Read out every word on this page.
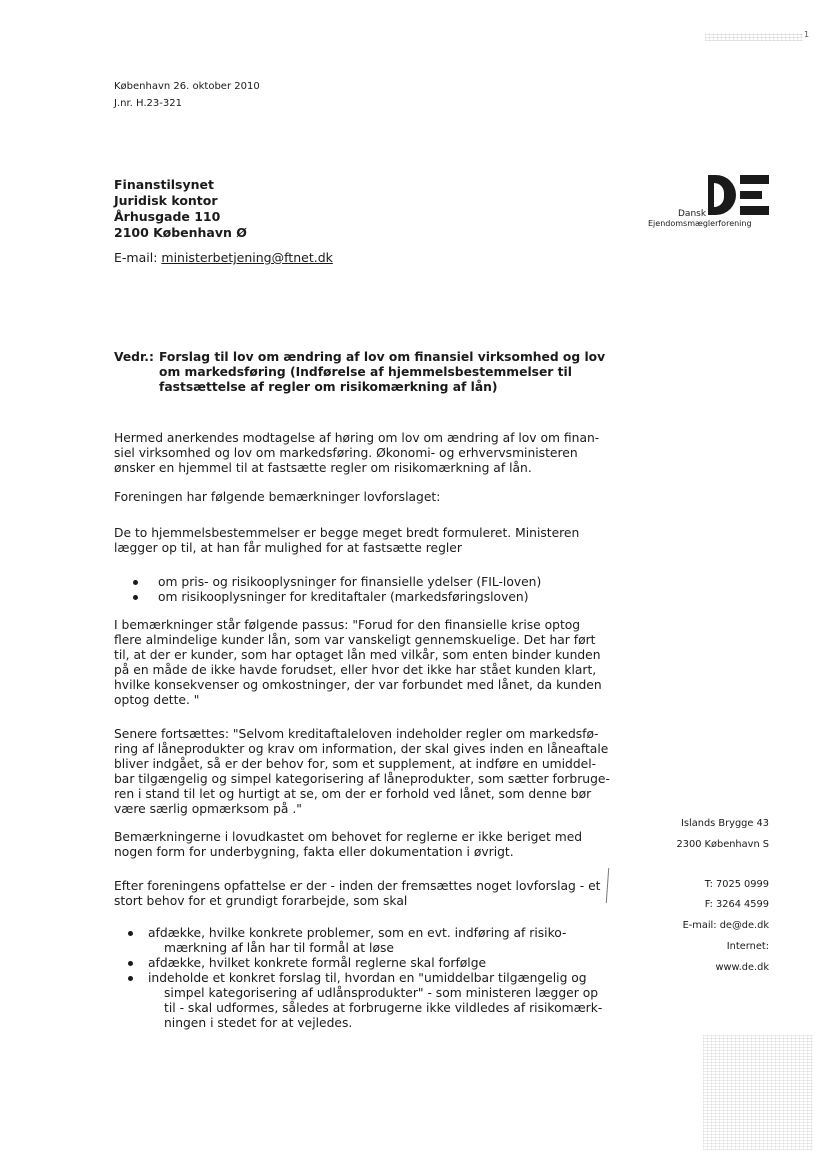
1
København 26. oktober 2010
J.nr. H.23-321
Finanstilsynet
Juridisk kontor
Århusgade 110
2100 København Ø
E-mail: ministerbetjening@ftnet.dk
Dansk
Ejendomsmæglerforening
Vedr.: Forslag til lov om ændring af lov om finansiel virksomhed og lov
om markedsføring (Indførelse af hjemmelsbestemmelser til
fastsættelse af regler om risikomærkning af lån)
Hermed anerkendes modtagelse af høring om lov om ændring af lov om finan-
siel virksomhed og lov om markedsføring. Økonomi- og erhvervsministeren
ønsker en hjemmel til at fastsætte regler om risikomærkning af lån.
Foreningen har følgende bemærkninger lovforslaget:
De to hjemmelsbestemmelser er begge meget bredt formuleret. Ministeren
lægger op til, at han får mulighed for at fastsætte regler
om pris- og risikooplysninger for finansielle ydelser (FIL-loven)
om risikooplysninger for kreditaftaler (markedsføringsloven)
I bemærkninger står følgende passus: "Forud for den finansielle krise optog
flere almindelige kunder lån, som var vanskeligt gennemskuelige. Det har ført
til, at der er kunder, som har optaget lån med vilkår, som enten binder kunden
på en måde de ikke havde forudset, eller hvor det ikke har stået kunden klart,
hvilke konsekvenser og omkostninger, der var forbundet med lånet, da kunden
optog dette. "
Senere fortsættes: "Selvom kreditaftaleloven indeholder regler om markedsfø-
ring af låneprodukter og krav om information, der skal gives inden en låneaftale
bliver indgået, så er der behov for, som et supplement, at indføre en umiddel-
bar tilgængelig og simpel kategorisering af låneprodukter, som sætter forbruge-
ren i stand til let og hurtigt at se, om der er forhold ved lånet, som denne bør
være særlig opmærksom på ."
Bemærkningerne i lovudkastet om behovet for reglerne er ikke beriget med
nogen form for underbygning, fakta eller dokumentation i øvrigt.
Efter foreningens opfattelse er der - inden der fremsættes noget lovforslag - et
stort behov for et grundigt forarbejde, som skal
afdække, hvilke konkrete problemer, som en evt. indføring af risiko-
mærkning af lån har til formål at løse
afdække, hvilket konkrete formål reglerne skal forfølge
indeholde et konkret forslag til, hvordan en "umiddelbar tilgængelig og
simpel kategorisering af udlånsprodukter" - som ministeren lægger op
til - skal udformes, således at forbrugerne ikke vildledes af risikomærk-
ningen i stedet for at vejledes.
Islands Brygge 43
2300 København S
T: 7025 0999
F: 3264 4599
E-mail: de@de.dk
Internet:
www.de.dk
